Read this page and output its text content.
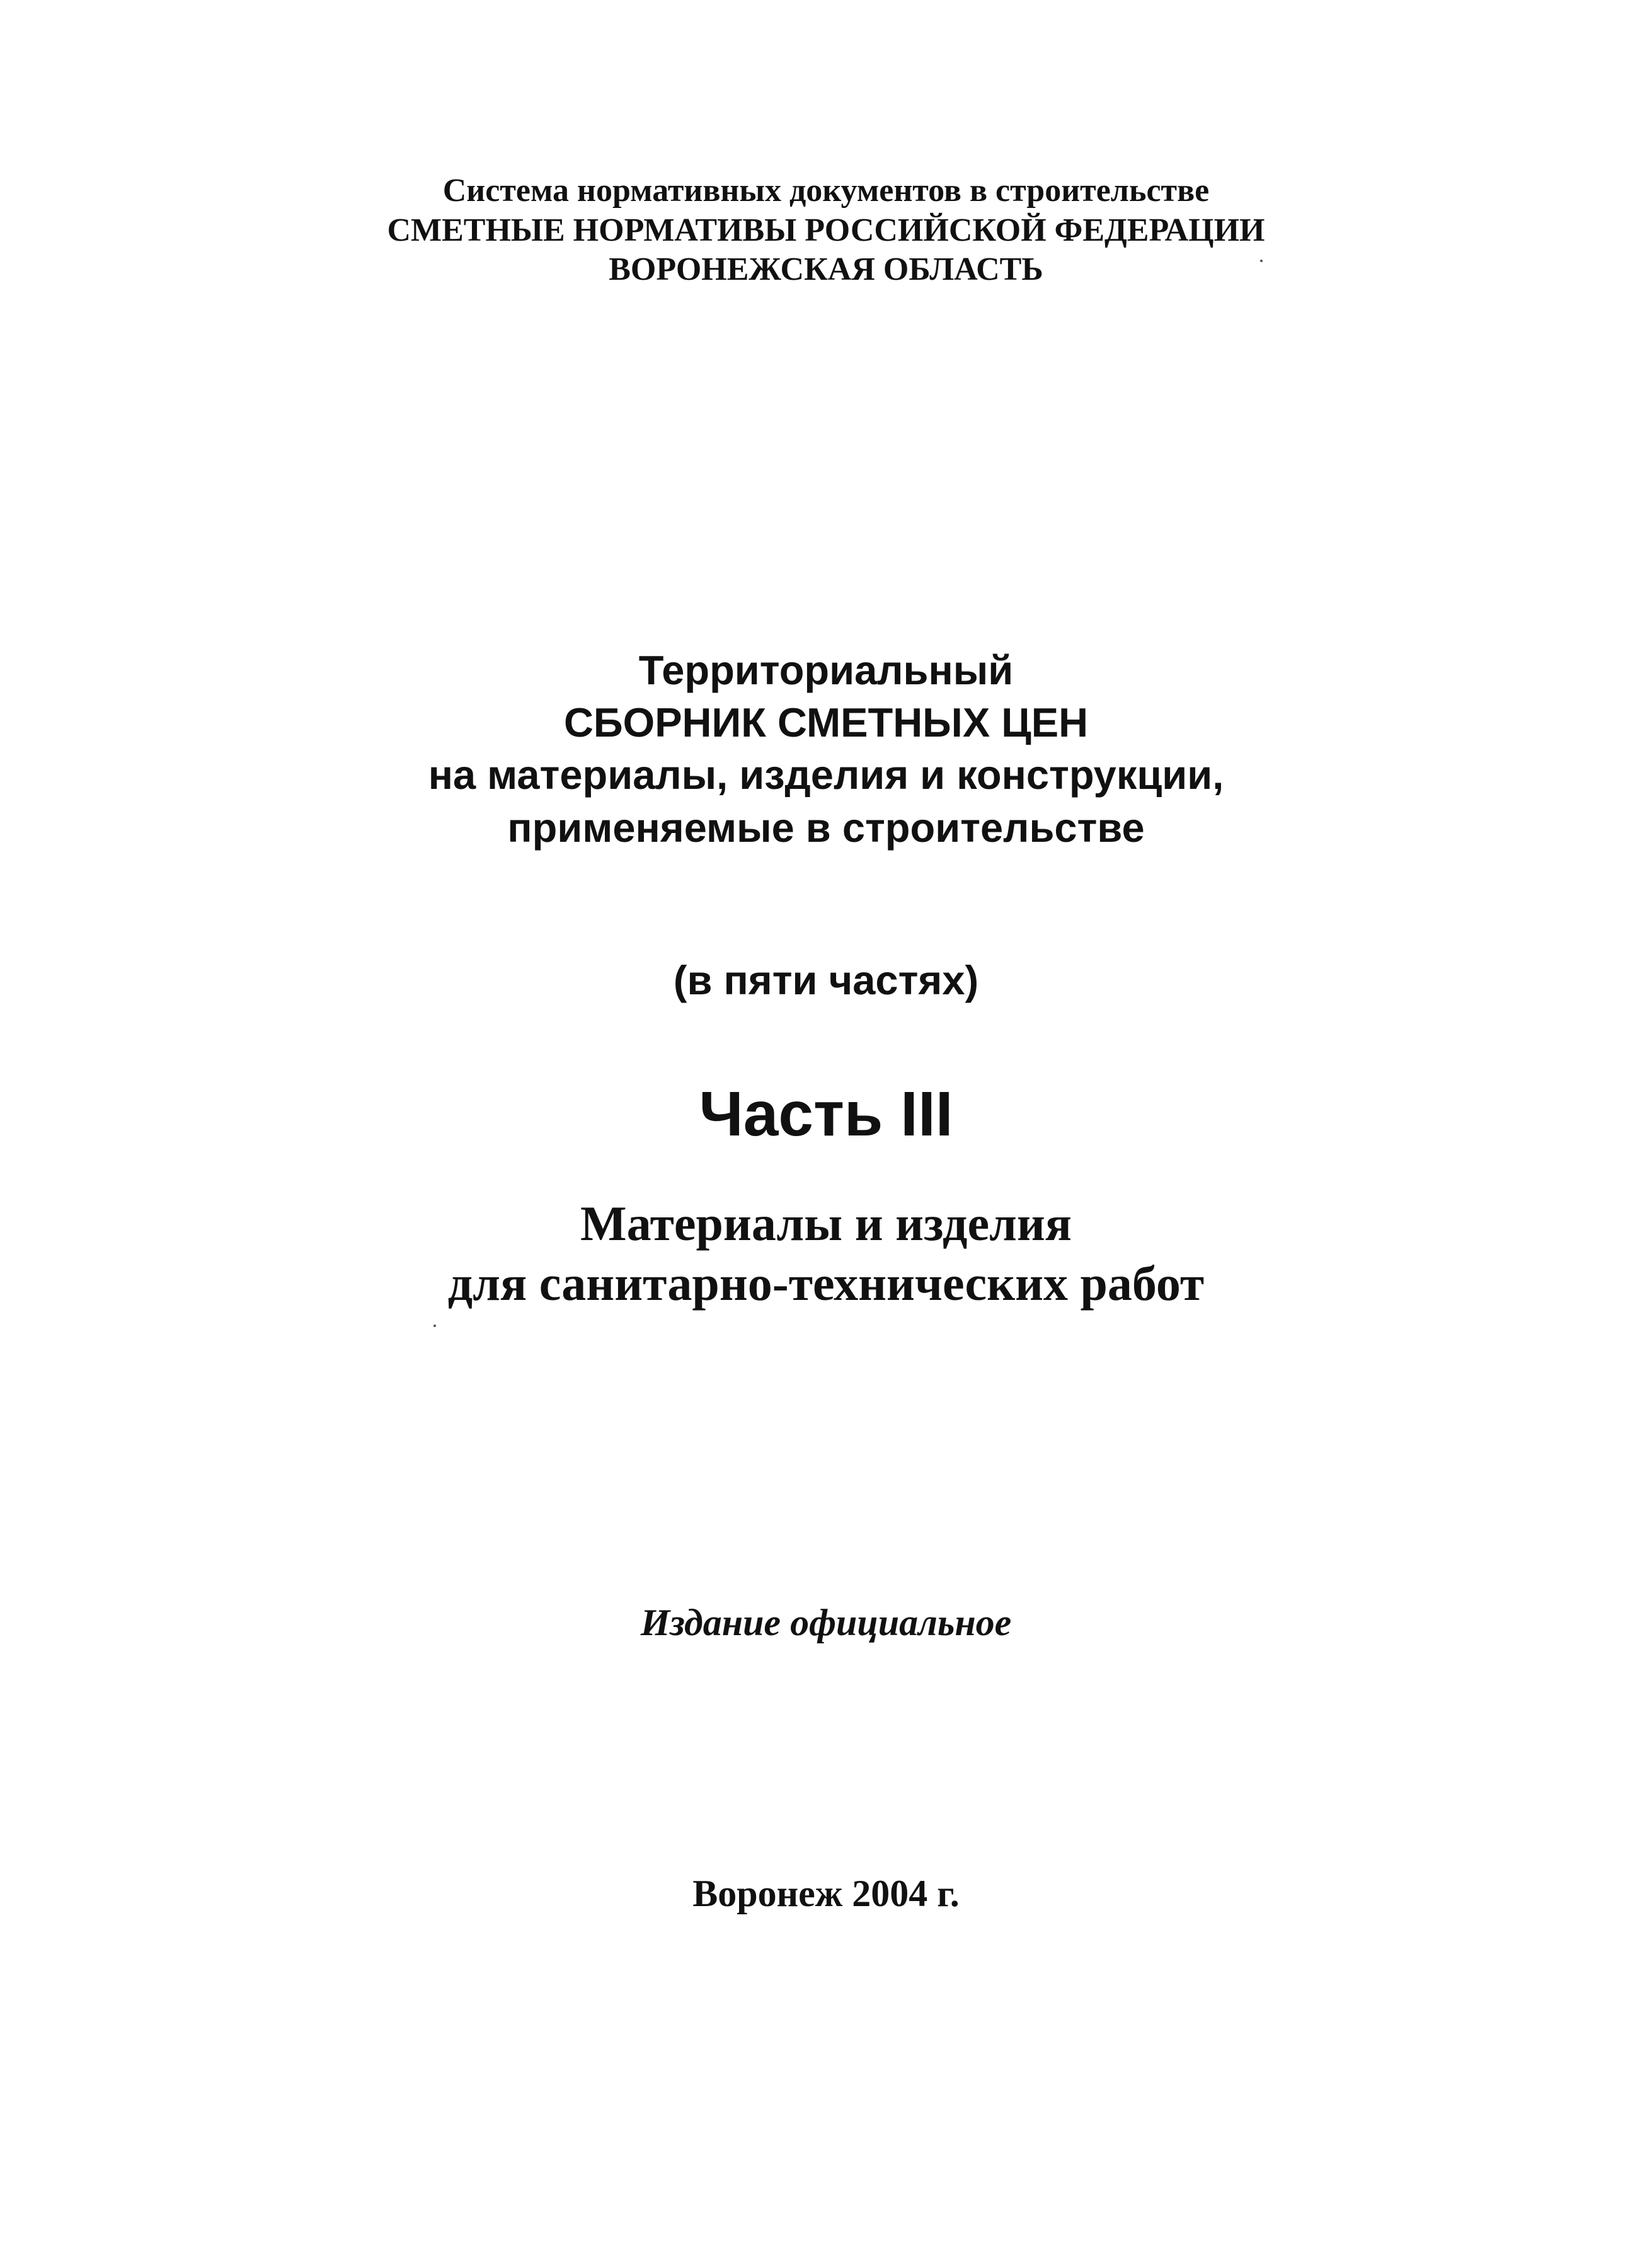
Система нормативных документов в строительстве
СМЕТНЫЕ НОРМАТИВЫ РОССИЙСКОЙ ФЕДЕРАЦИИ
ВОРОНЕЖСКАЯ ОБЛАСТЬ
Территориальный
СБОРНИК СМЕТНЫХ ЦЕН
на материалы, изделия и конструкции,
применяемые в строительстве
(в пяти частях)
Часть III
Материалы и изделия
для санитарно-технических работ
Издание официальное
Воронеж 2004 г.
